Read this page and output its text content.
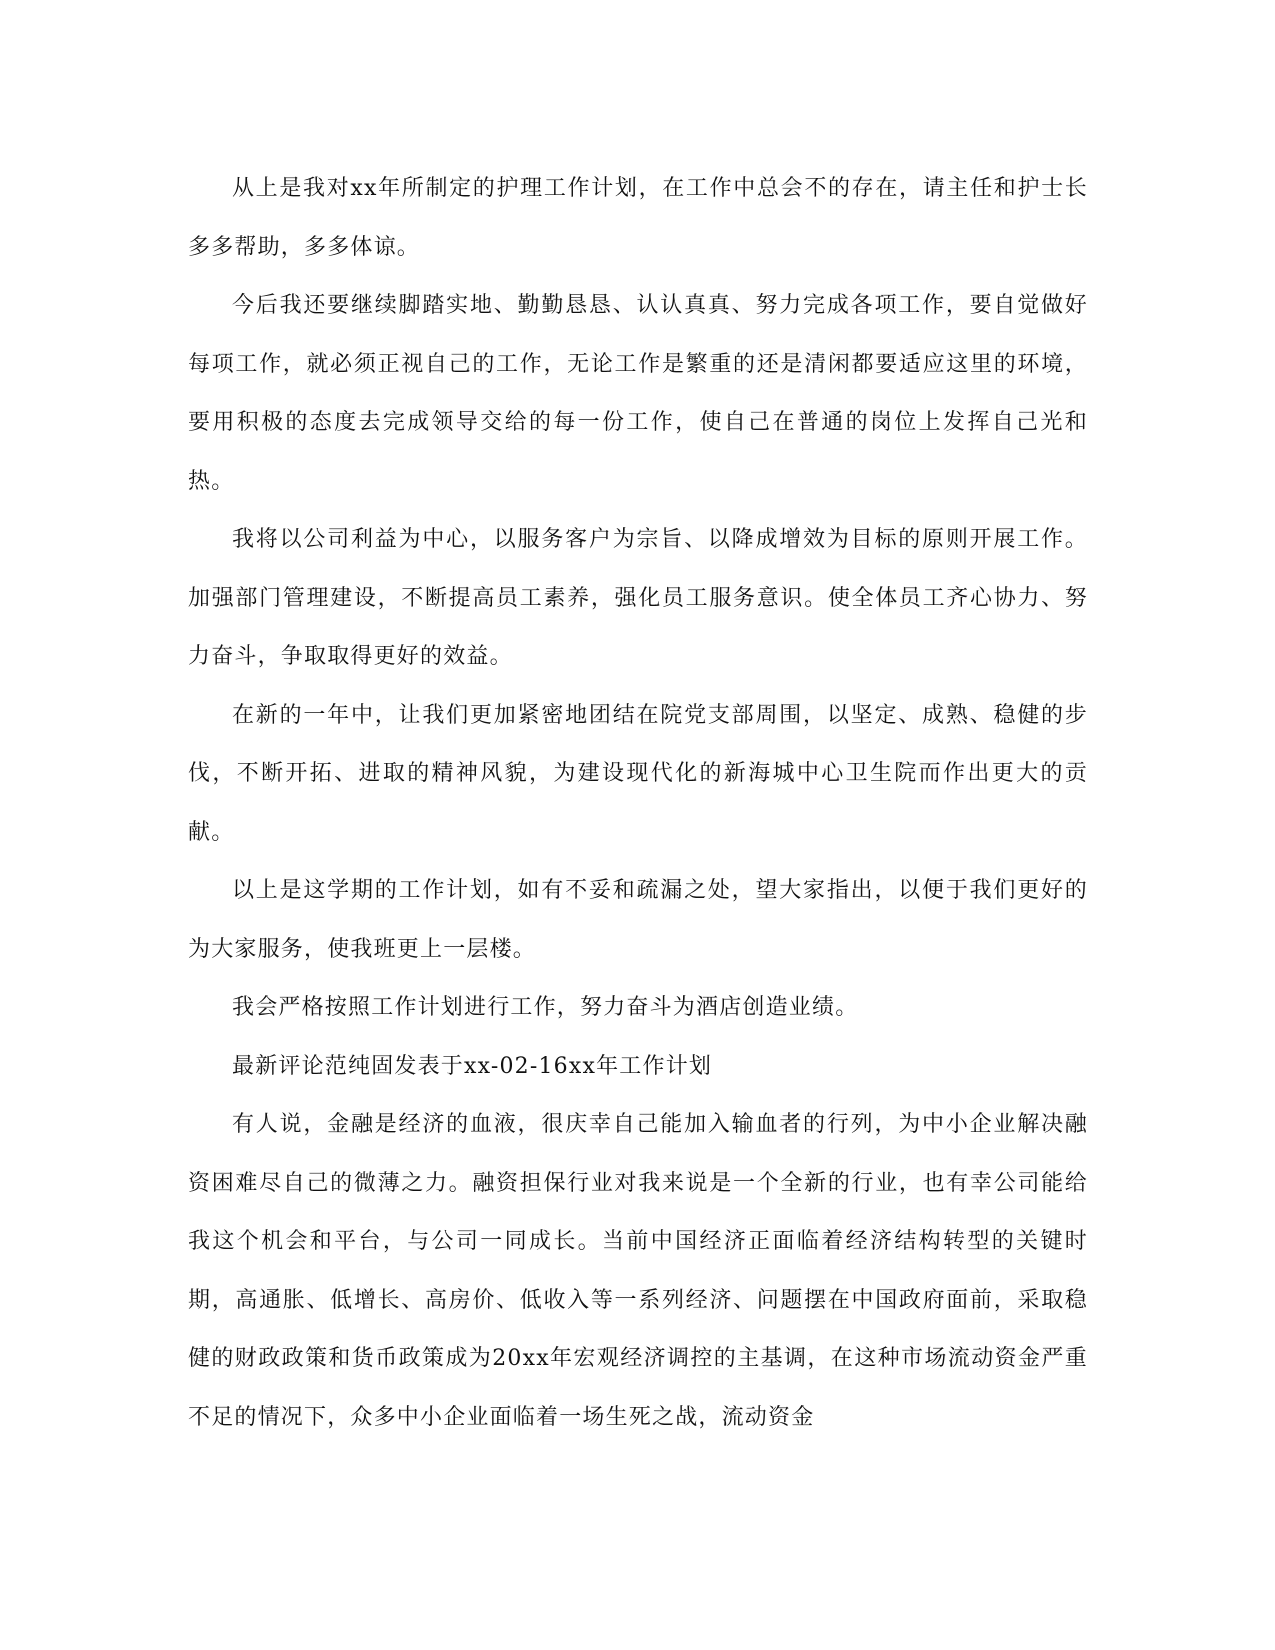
从上是我对xx年所制定的护理工作计划，在工作中总会不的存在，请主任和护士长多多帮助，多多体谅。

今后我还要继续脚踏实地、勤勤恳恳、认认真真、努力完成各项工作，要自觉做好每项工作，就必须正视自己的工作，无论工作是繁重的还是清闲都要适应这里的环境，要用积极的态度去完成领导交给的每一份工作，使自己在普通的岗位上发挥自己光和热。

我将以公司利益为中心，以服务客户为宗旨、以降成增效为目标的原则开展工作。加强部门管理建设，不断提高员工素养，强化员工服务意识。使全体员工齐心协力、努力奋斗，争取取得更好的效益。

在新的一年中，让我们更加紧密地团结在院党支部周围，以坚定、成熟、稳健的步伐，不断开拓、进取的精神风貌，为建设现代化的新海城中心卫生院而作出更大的贡献。

以上是这学期的工作计划，如有不妥和疏漏之处，望大家指出，以便于我们更好的为大家服务，使我班更上一层楼。

我会严格按照工作计划进行工作，努力奋斗为酒店创造业绩。

最新评论范纯固发表于xx-02-16xx年工作计划

有人说，金融是经济的血液，很庆幸自己能加入输血者的行列，为中小企业解决融资困难尽自己的微薄之力。融资担保行业对我来说是一个全新的行业，也有幸公司能给我这个机会和平台，与公司一同成长。当前中国经济正面临着经济结构转型的关键时期，高通胀、低增长、高房价、低收入等一系列经济、问题摆在中国政府面前，采取稳健的财政政策和货币政策成为20xx年宏观经济调控的主基调，在这种市场流动资金严重不足的情况下，众多中小企业面临着一场生死之战，流动资金
